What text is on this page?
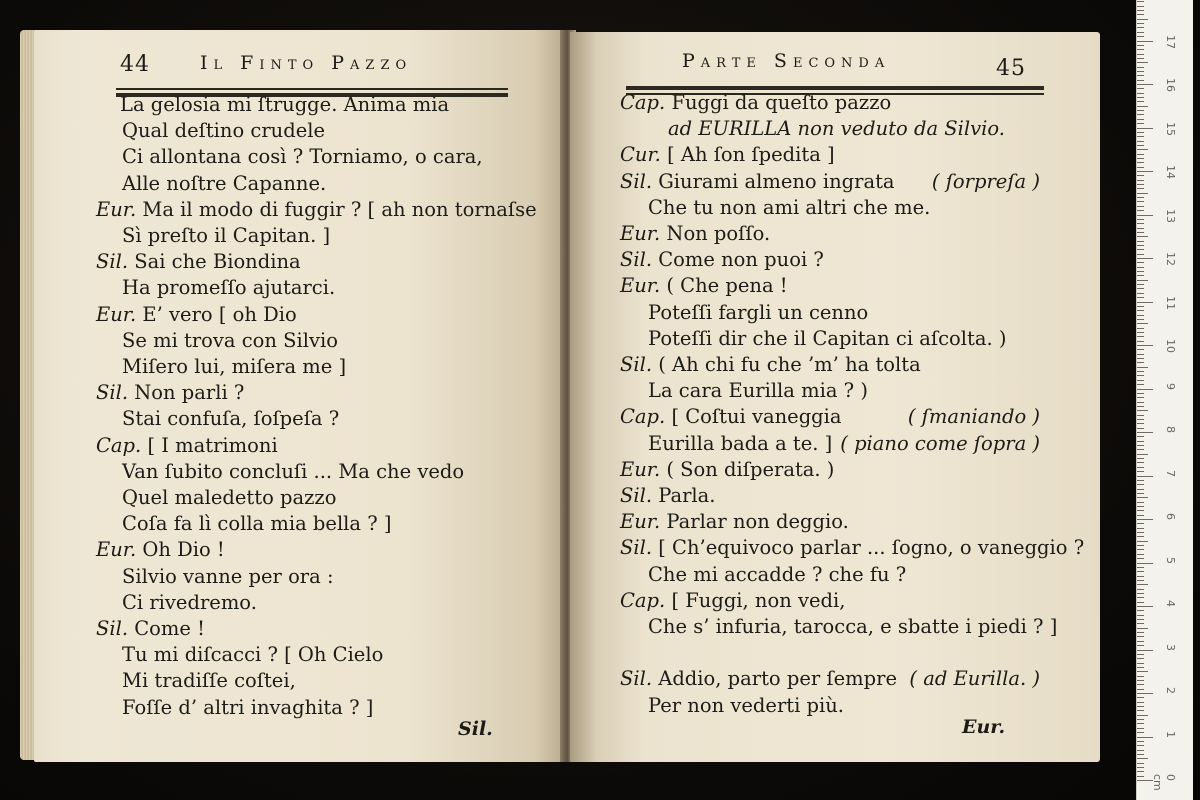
44	Il Finto Pazzo
La gelosia mi ſtrugge. Anima mia
Qual deſtino crudele
Ci allontana così ? Torniamo, o cara,
Alle noſtre Capanne.
Eur. Ma il modo di fuggir ? [ ah non tornaſse
Sì preſto il Capitan. ]
Sil. Sai che Biondina
Ha promeſſo ajutarci.
Eur. E’ vero [ oh Dio
Se mi trova con Silvio
Miſero lui, miſera me ]
Sil. Non parli ?
Stai confuſa, ſoſpeſa ?
Cap. [ I matrimoni
Van ſubito concluſi ... Ma che vedo
Quel maledetto pazzo
Coſa fa lì colla mia bella ? ]
Eur. Oh Dio !
Silvio vanne per ora :
Ci rivedremo.
Sil. Come !
Tu mi diſcacci ? [ Oh Cielo
Mi tradiſſe coſtei,
Foſſe d’ altri invaghita ? ]
Sil.
Parte Seconda	45
Cap. Fuggi da queſto pazzo
ad EURILLA non veduto da Silvio.
Cur. [ Ah ſon ſpedita ]
Sil. Giurami almeno ingrata
Che tu non ami altri che me.
Eur. Non poſſo.
Sil. Come non puoi ?
Eur. ( Che pena !
Poteſſi fargli un cenno
Poteſſi dir che il Capitan ci aſcolta. )
Sil. ( Ah chi fu che ’m’ ha tolta
La cara Eurilla mia ? )
Cap. [ Coſtui vaneggia
Eurilla bada a te. ]
Eur. ( Son diſperata. )
Sil. Parla.
Eur. Parlar non deggio.
Sil. [ Ch’equivoco parlar ... ſogno, o vaneggio ?
Che mi accadde ? che fu ?
Cap. [ Fuggi, non vedi,
Che s’ infuria, tarocca, e sbatte i piedi ? ]
Sil. Addio, parto per ſempre
Per non vederti più.
( ſorpreſa )
( ſmaniando )
( piano come ſopra )
( ad Eurilla. )
Eur.
17
16
15
14
13
12
11
10
9
8
7
6
5
4
3
2
1
0 cm
